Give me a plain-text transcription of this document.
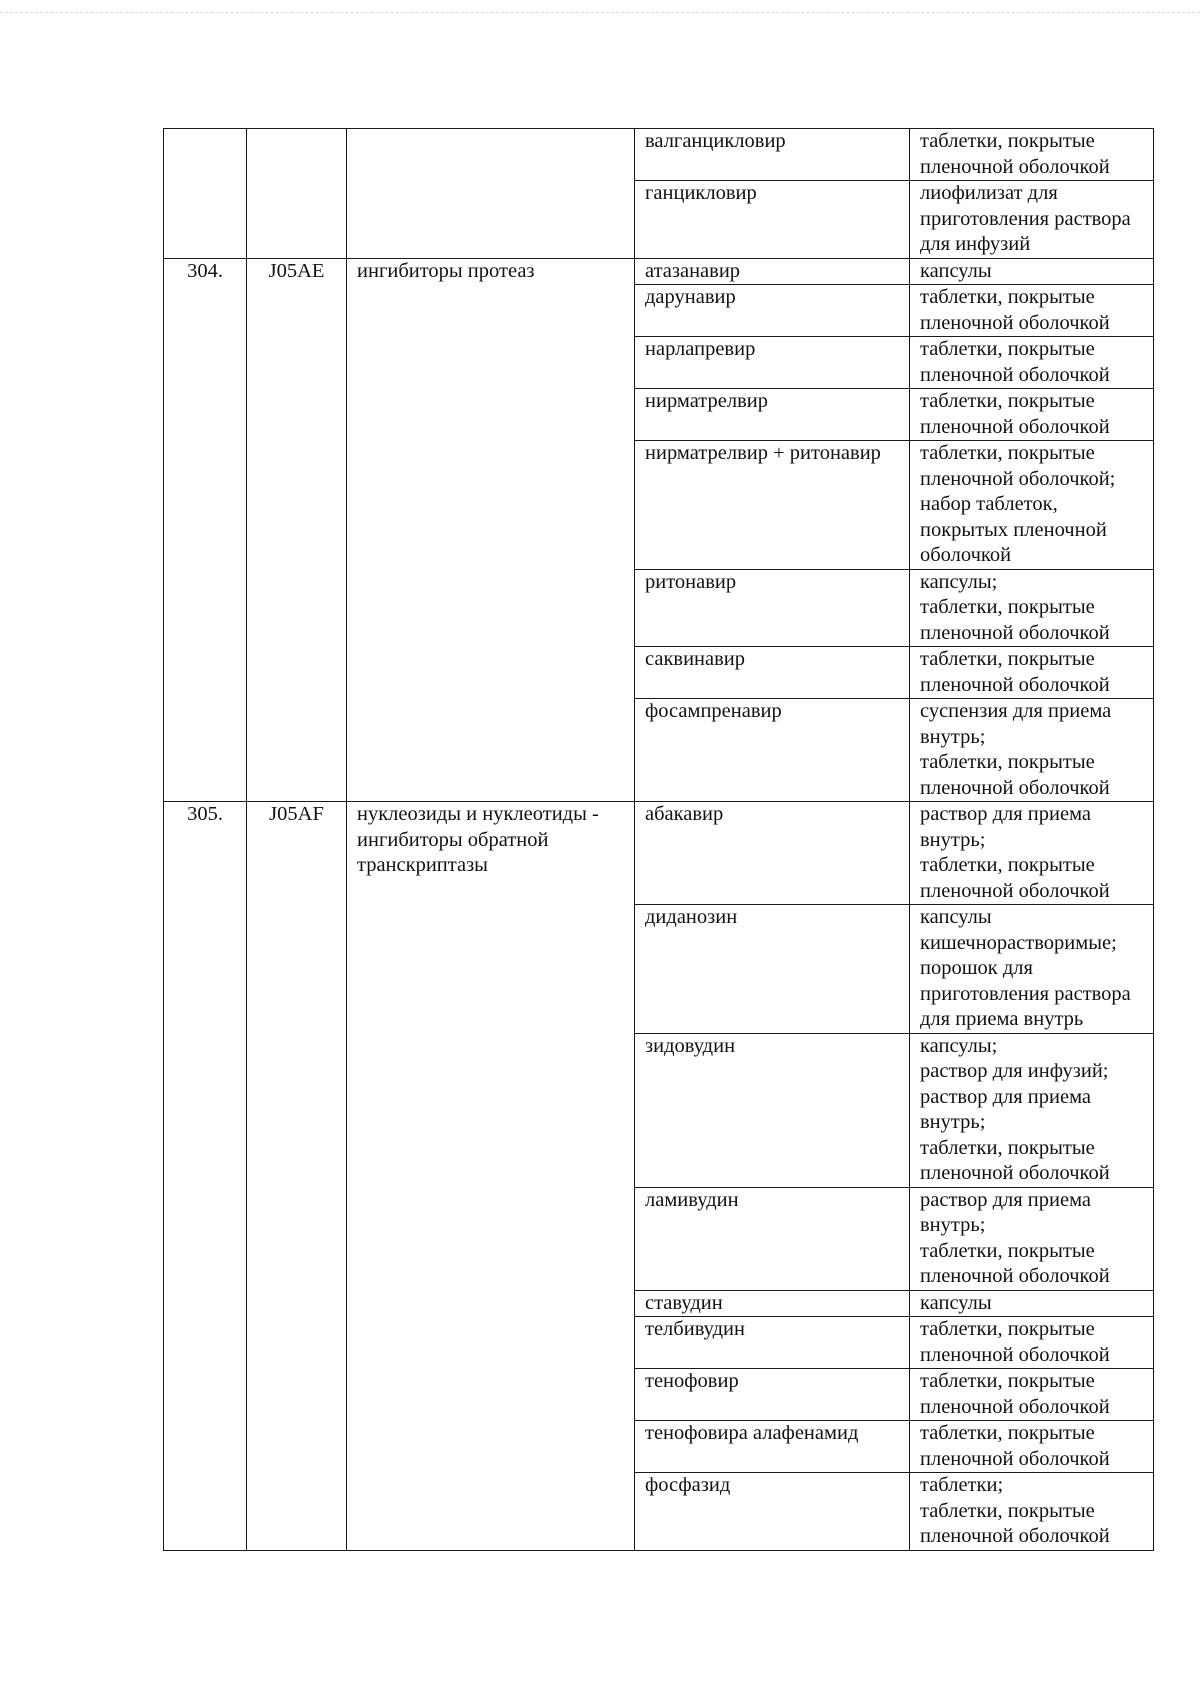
			валганцикловир	таблетки, покрытые пленочной оболочкой

			ганцикловир	лиофилизат для приготовления раствора для инфузий

304.	J05AE	ингибиторы протеаз	атазанавир	капсулы

			дарунавир	таблетки, покрытые пленочной оболочкой

			нарлапревир	таблетки, покрытые пленочной оболочкой

			нирматрелвир	таблетки, покрытые пленочной оболочкой

			нирматрелвир + ритонавир	таблетки, покрытые пленочной оболочкой;
набор таблеток, покрытых пленочной оболочкой

			ритонавир	капсулы;
таблетки, покрытые пленочной оболочкой

			саквинавир	таблетки, покрытые пленочной оболочкой

			фосампренавир	суспензия для приема внутрь;
таблетки, покрытые пленочной оболочкой

305.	J05AF	нуклеозиды и нуклеотиды - ингибиторы обратной транскриптазы	абакавир	раствор для приема внутрь;
таблетки, покрытые пленочной оболочкой

			диданозин	капсулы кишечнорастворимые;
порошок для приготовления раствора для приема внутрь

			зидовудин	капсулы;
раствор для инфузий;
раствор для приема внутрь;
таблетки, покрытые пленочной оболочкой

			ламивудин	раствор для приема внутрь;
таблетки, покрытые пленочной оболочкой

			ставудин	капсулы

			телбивудин	таблетки, покрытые пленочной оболочкой

			тенофовир	таблетки, покрытые пленочной оболочкой

			тенофовира алафенамид	таблетки, покрытые пленочной оболочкой

			фосфазид	таблетки;
таблетки, покрытые пленочной оболочкой
